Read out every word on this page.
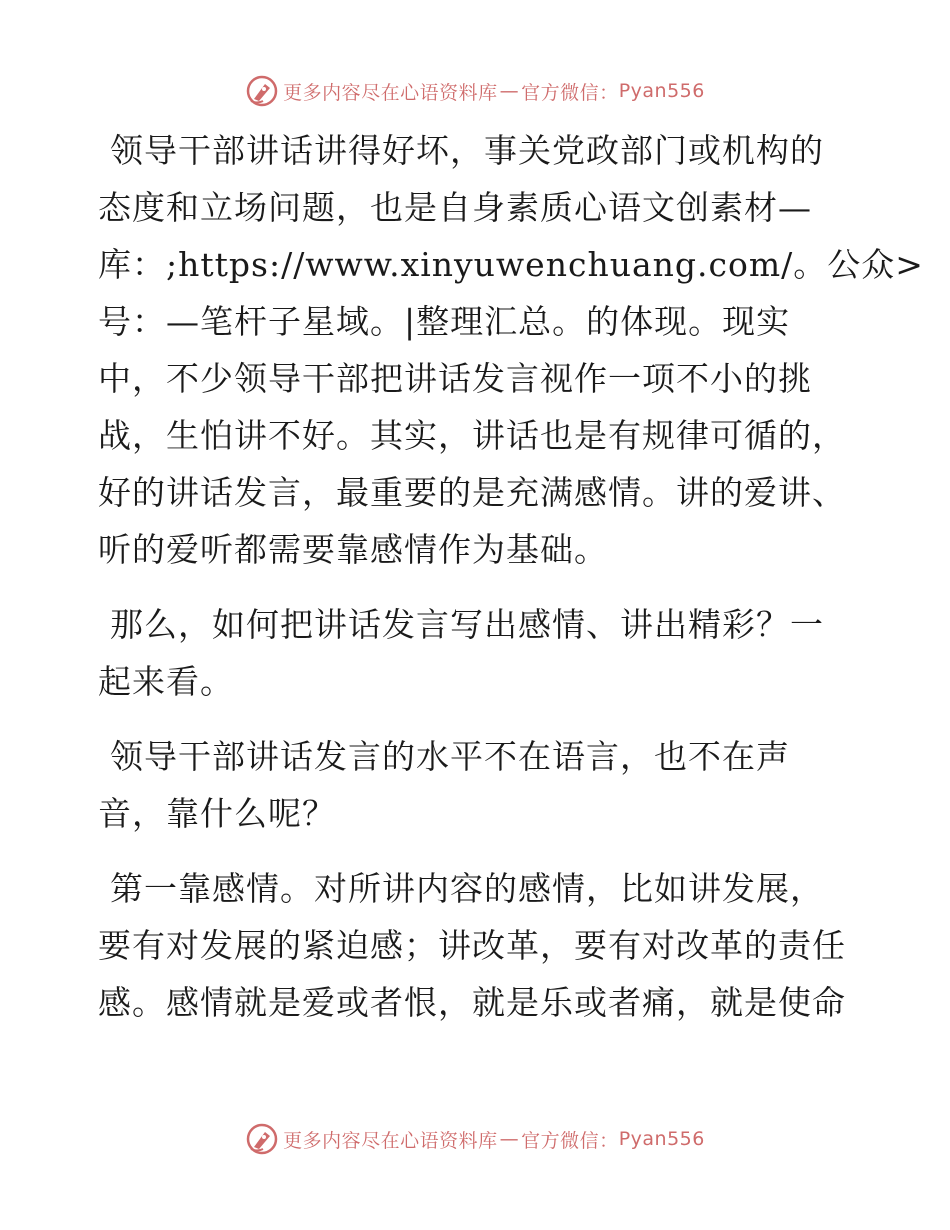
更多内容尽在心语资料库 — 官方微信： Pyan556

领导干部讲话讲得好坏，事关党政部门或机构的
态度和立场问题，也是自身素质心语文创素材—
库：;https://www.xinyuwenchuang.com/。公众>
号：—笔杆子星域。|整理汇总。的体现。现实
中，不少领导干部把讲话发言视作一项不小的挑
战，生怕讲不好。其实，讲话也是有规律可循的，
好的讲话发言，最重要的是充满感情。讲的爱讲、
听的爱听都需要靠感情作为基础。

那么，如何把讲话发言写出感情、讲出精彩？一
起来看。

领导干部讲话发言的水平不在语言，也不在声
音，靠什么呢？

第一靠感情。对所讲内容的感情，比如讲发展，
要有对发展的紧迫感；讲改革，要有对改革的责任
感。感情就是爱或者恨，就是乐或者痛，就是使命

更多内容尽在心语资料库 — 官方微信： Pyan556
